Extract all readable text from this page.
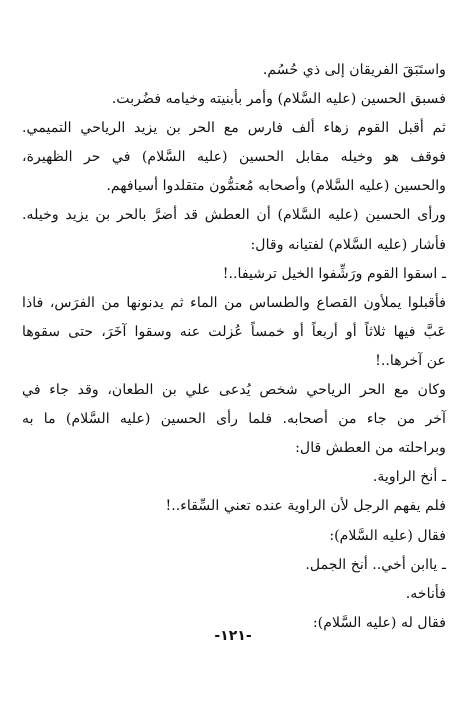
واستَبَقَ الفريقان إلى ذي حُسُم.
فسبق الحسين (عليه السَّلام) وأمر بأبنيته وخيامه فضُربت.
ثم أقبل القوم زهاء ألف فارس مع الحر بن يزيد الرياحي التميمي.
فوقف هو وخيله مقابل الحسين (عليه السَّلام) في حر الظهيرة،
والحسين (عليه السَّلام) وأصحابه مُعتمُّون متقلدوا أسيافهم.
ورأى الحسين (عليه السَّلام) أن العطش قد أضرَّ بالحر بن يزيد وخيله.
فأشار (عليه السَّلام) لفتيانه وقال:
ـ اسقوا القوم ورَشِّفوا الخيل ترشيفا..!
فأقبلوا يملأون القصاع والطساس من الماء ثم يدنونها من الفرَس، فاذا
عَبَّ فيها ثلاثاً أو أربعاً أو خمساً عُزلت عنه وسقوا آخَرَ، حتى سقوها
عن آخرها..!
وكان مع الحر الرياحي شخص يُدعى علي بن الطعان، وقد جاء في
آخر من جاء من أصحابه. فلما رأى الحسين (عليه السَّلام) ما به
وبراحلته من العطش قال:
ـ أنخ الراوية.
فلم يفهم الرجل لأن الراوية عنده تعني السِّقاء..!
فقال (عليه السَّلام):
ـ ياابن أخي.. أنخ الجمل.
فأناخه.
فقال له (عليه السَّلام):
-١٢١-
